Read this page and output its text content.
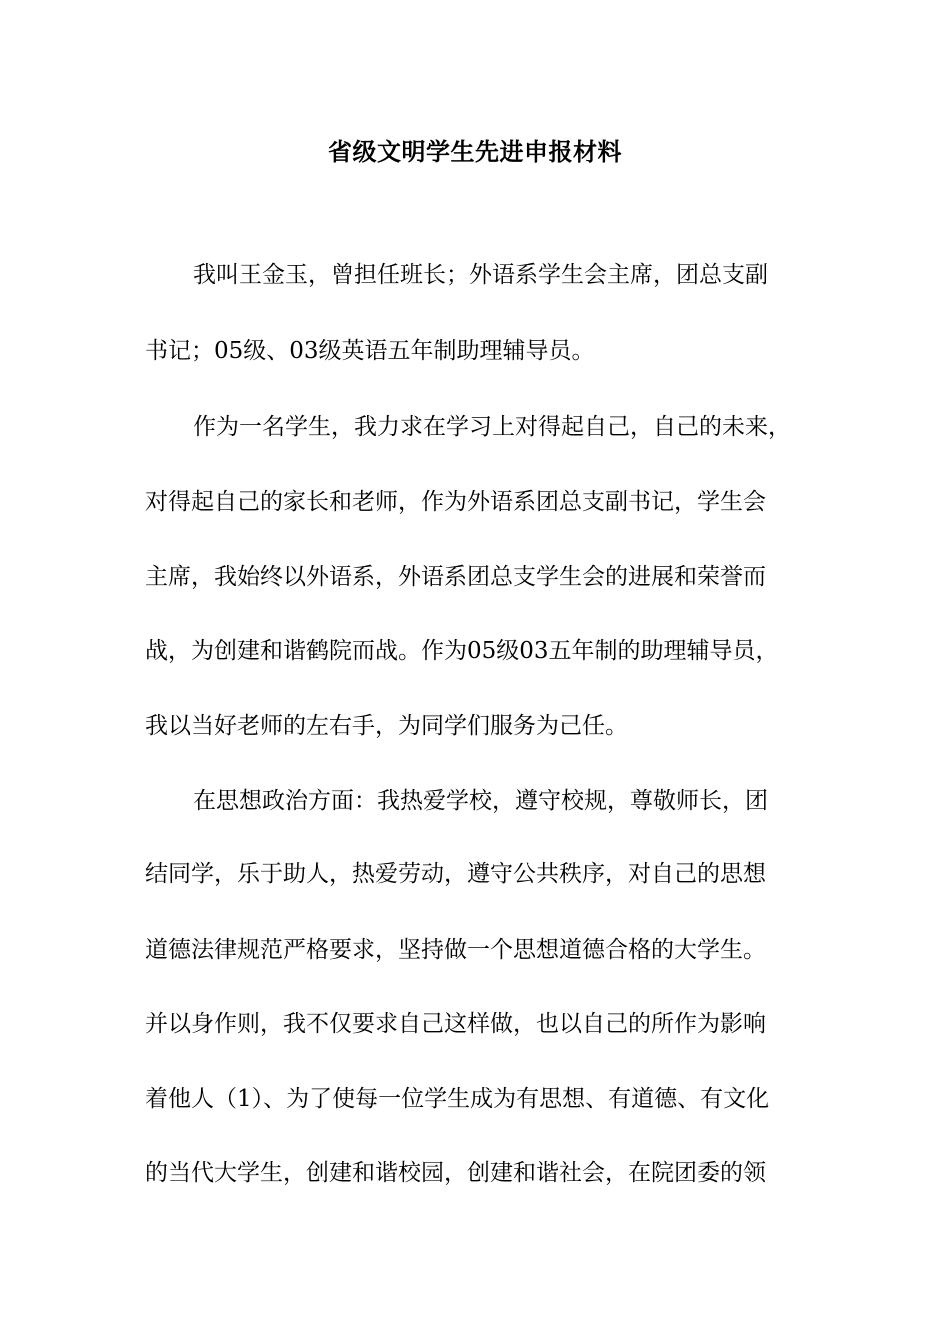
省级文明学生先进申报材料
我叫王金玉，曾担任班长；外语系学生会主席，团总支副
书记；05级、03级英语五年制助理辅导员。
作为一名学生，我力求在学习上对得起自己，自己的未来，
对得起自己的家长和老师，作为外语系团总支副书记，学生会
主席，我始终以外语系，外语系团总支学生会的进展和荣誉而
战，为创建和谐鹤院而战。作为05级03五年制的助理辅导员，
我以当好老师的左右手，为同学们服务为己任。
在思想政治方面：我热爱学校，遵守校规，尊敬师长，团
结同学，乐于助人，热爱劳动，遵守公共秩序，对自己的思想
道德法律规范严格要求，坚持做一个思想道德合格的大学生。
并以身作则，我不仅要求自己这样做，也以自己的所作为影响
着他人（1）、为了使每一位学生成为有思想、有道德、有文化
的当代大学生，创建和谐校园，创建和谐社会，在院团委的领
